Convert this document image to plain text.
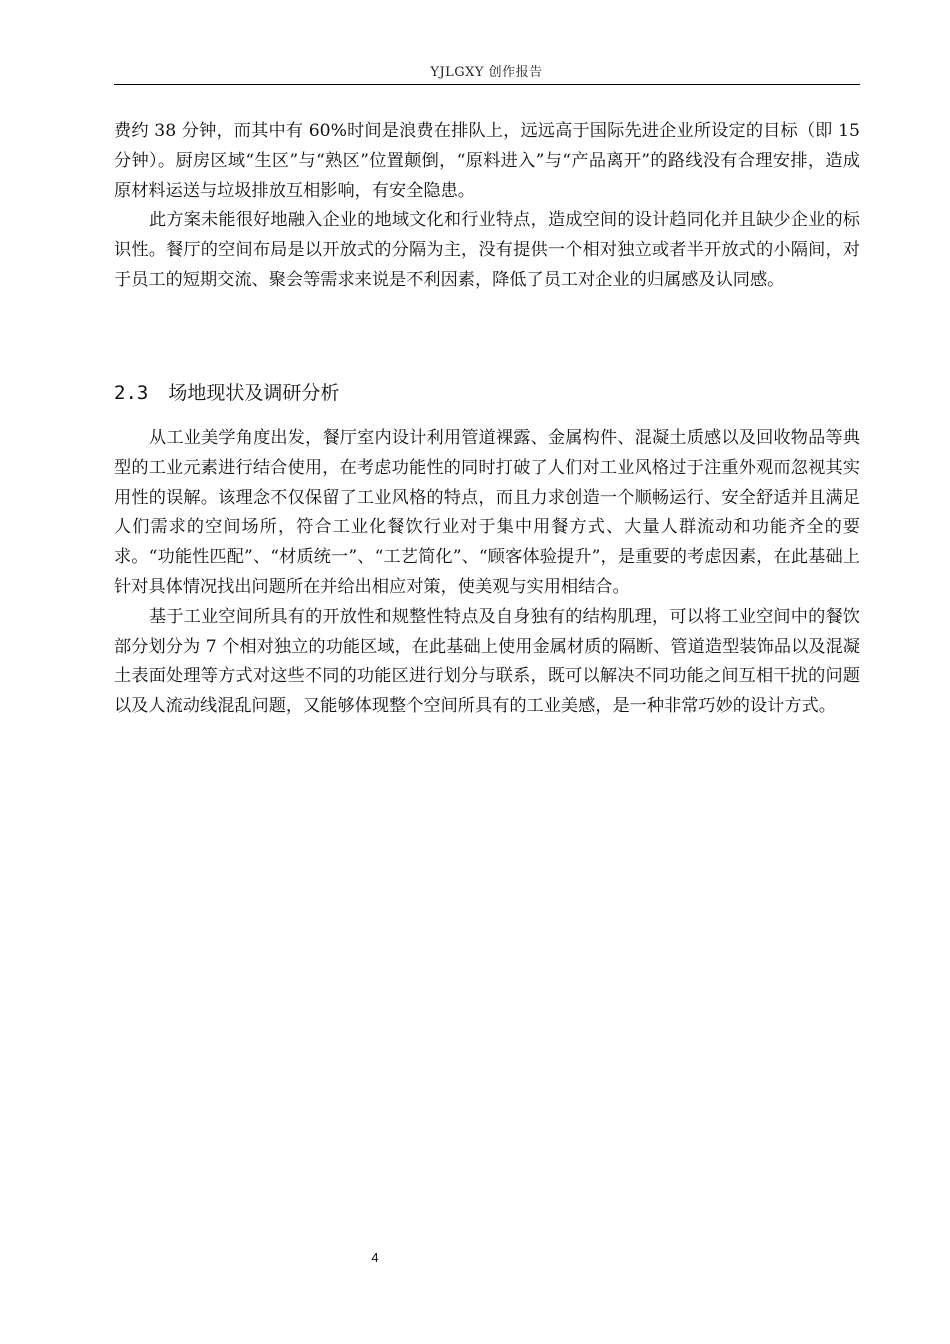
YJLGXY 创作报告

费约 38 分钟，而其中有 60%时间是浪费在排队上，远远高于国际先进企业所设定的目标（即 15 分钟）。厨房区域“生区”与“熟区”位置颠倒，“原料进入”与“产品离开”的路线没有合理安排，造成原材料运送与垃圾排放互相影响，有安全隐患。

此方案未能很好地融入企业的地域文化和行业特点，造成空间的设计趋同化并且缺少企业的标识性。餐厅的空间布局是以开放式的分隔为主，没有提供一个相对独立或者半开放式的小隔间，对于员工的短期交流、聚会等需求来说是不利因素，降低了员工对企业的归属感及认同感。

2.3 场地现状及调研分析

从工业美学角度出发，餐厅室内设计利用管道裸露、金属构件、混凝土质感以及回收物品等典型的工业元素进行结合使用，在考虑功能性的同时打破了人们对工业风格过于注重外观而忽视其实用性的误解。该理念不仅保留了工业风格的特点，而且力求创造一个顺畅运行、安全舒适并且满足人们需求的空间场所，符合工业化餐饮行业对于集中用餐方式、大量人群流动和功能齐全的要求。“功能性匹配”、“材质统一”、“工艺简化”、“顾客体验提升”，是重要的考虑因素，在此基础上针对具体情况找出问题所在并给出相应对策，使美观与实用相结合。

基于工业空间所具有的开放性和规整性特点及自身独有的结构肌理，可以将工业空间中的餐饮部分划分为 7 个相对独立的功能区域，在此基础上使用金属材质的隔断、管道造型装饰品以及混凝土表面处理等方式对这些不同的功能区进行划分与联系，既可以解决不同功能之间互相干扰的问题以及人流动线混乱问题，又能够体现整个空间所具有的工业美感，是一种非常巧妙的设计方式。

4
